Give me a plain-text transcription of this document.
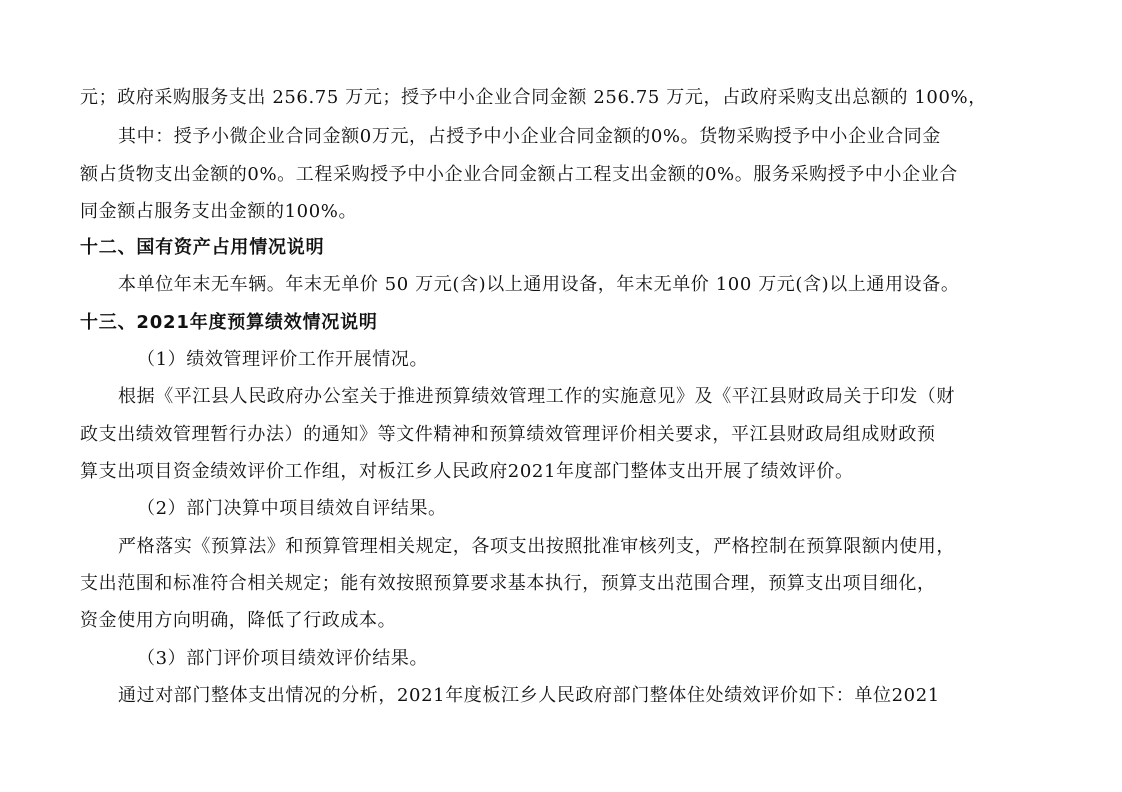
元；政府采购服务支出 256.75 万元；授予中小企业合同金额 256.75 万元，占政府采购支出总额的 100%，
其中：授予小微企业合同金额0万元，占授予中小企业合同金额的0%。货物采购授予中小企业合同金
额占货物支出金额的0%。工程采购授予中小企业合同金额占工程支出金额的0%。服务采购授予中小企业合
同金额占服务支出金额的100%。
十二、国有资产占用情况说明
本单位年末无车辆。年末无单价 50 万元(含)以上通用设备，年末无单价 100 万元(含)以上通用设备。
十三、2021年度预算绩效情况说明
（1）绩效管理评价工作开展情况。
根据《平江县人民政府办公室关于推进预算绩效管理工作的实施意见》及《平江县财政局关于印发（财
政支出绩效管理暂行办法）的通知》等文件精神和预算绩效管理评价相关要求，平江县财政局组成财政预
算支出项目资金绩效评价工作组，对板江乡人民政府2021年度部门整体支出开展了绩效评价。
（2）部门决算中项目绩效自评结果。
严格落实《预算法》和预算管理相关规定，各项支出按照批准审核列支，严格控制在预算限额内使用，
支出范围和标准符合相关规定；能有效按照预算要求基本执行，预算支出范围合理，预算支出项目细化，
资金使用方向明确，降低了行政成本。
（3）部门评价项目绩效评价结果。
通过对部门整体支出情况的分析，2021年度板江乡人民政府部门整体住处绩效评价如下：单位2021
